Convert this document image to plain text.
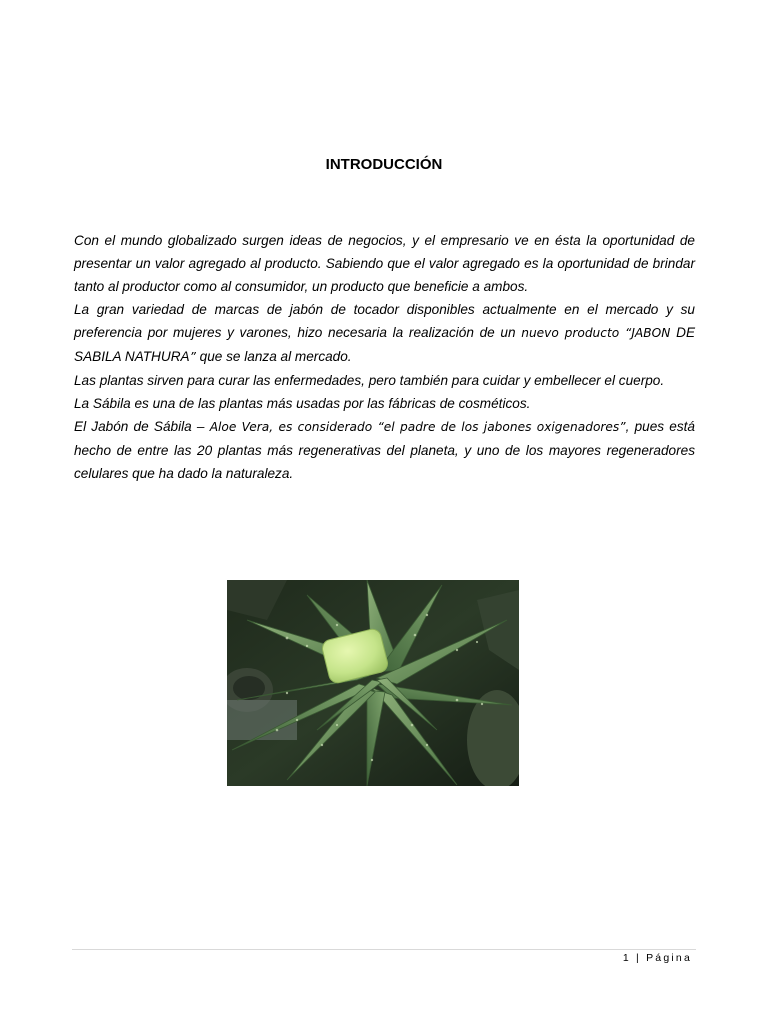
INTRODUCCIÓN

Con el mundo globalizado surgen ideas de negocios, y el empresario ve en ésta la oportunidad de presentar un valor agregado al producto. Sabiendo que el valor agregado es la oportunidad de brindar tanto al productor como al consumidor, un producto que beneficie a ambos.

La gran variedad de marcas de jabón de tocador disponibles actualmente en el mercado y su preferencia por mujeres y varones, hizo necesaria la realización de un nuevo producto “JABON DE SABILA NATHURA” que se lanza al mercado.

Las plantas sirven para curar las enfermedades, pero también para cuidar y embellecer el cuerpo.

La Sábila es una de las plantas más usadas por las fábricas de cosméticos.

El Jabón de Sábila – Aloe Vera, es considerado “el padre de los jabones oxigenadores”, pues está hecho de entre las 20 plantas más regenerativas del planeta, y uno de los mayores regeneradores celulares que ha dado la naturaleza.

1 | Página
